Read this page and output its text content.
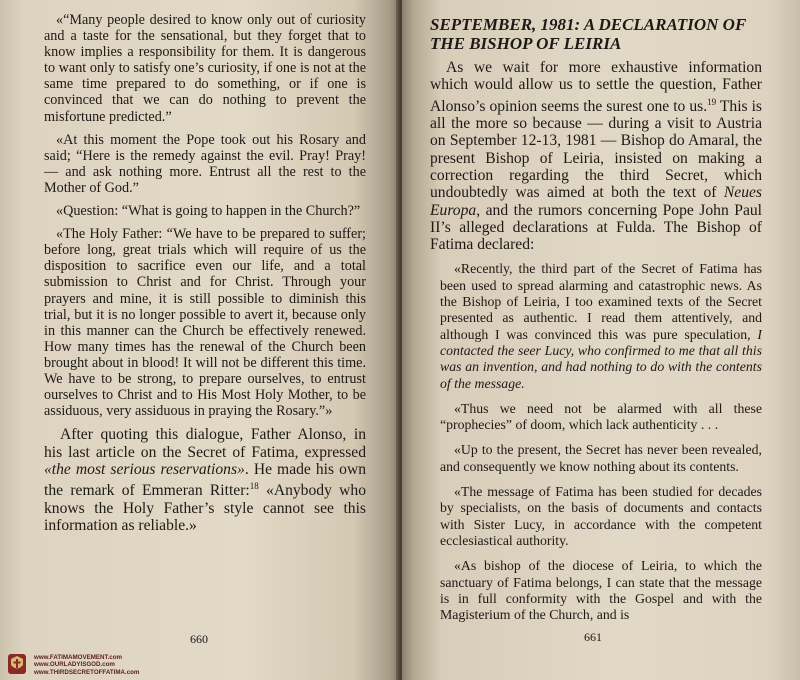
«“Many people desired to know only out of curiosity and a taste for the sensational, but they forget that to know implies a responsibility for them. It is dangerous to want only to satisfy one’s curiosity, if one is not at the same time prepared to do something, or if one is convinced that we can do nothing to prevent the misfortune predicted.”

«At this moment the Pope took out his Rosary and said; “Here is the remedy against the evil. Pray! Pray! — and ask nothing more. Entrust all the rest to the Mother of God.”

«Question: “What is going to happen in the Church?”

«The Holy Father: “We have to be prepared to suffer; before long, great trials which will require of us the disposition to sacrifice even our life, and a total submission to Christ and for Christ. Through your prayers and mine, it is still possible to diminish this trial, but it is no longer possible to avert it, because only in this manner can the Church be effectively renewed. How many times has the renewal of the Church been brought about in blood! It will not be different this time. We have to be strong, to prepare ourselves, to entrust ourselves to Christ and to His Most Holy Mother, to be assiduous, very assiduous in praying the Rosary.”»

After quoting this dialogue, Father Alonso, in his last article on the Secret of Fatima, expressed «the most serious reservations». He made his own the remark of Emmeran Ritter:$^{18}$ «Anybody who knows the Holy Father’s style cannot see this information as reliable.»

660
www.FATIMAMOVEMENT.com
www.OURLADYISGOD.com
www.THIRDSECRETOFFATIMA.com
SEPTEMBER, 1981: A DECLARATION OF
THE BISHOP OF LEIRIA

As we wait for more exhaustive information which would allow us to settle the question, Father Alonso’s opinion seems the surest one to us.$^{19}$ This is all the more so because — during a visit to Austria on September 12-13, 1981 — Bishop do Amaral, the present Bishop of Leiria, insisted on making a correction regarding the third Secret, which undoubtedly was aimed at both the text of Neues Europa, and the rumors concerning Pope John Paul II’s alleged declarations at Fulda. The Bishop of Fatima declared:

«Recently, the third part of the Secret of Fatima has been used to spread alarming and catastrophic news. As the Bishop of Leiria, I too examined texts of the Secret presented as authentic. I read them attentively, and although I was convinced this was pure speculation, I contacted the seer Lucy, who confirmed to me that all this was an invention, and had nothing to do with the contents of the message.

«Thus we need not be alarmed with all these “prophecies” of doom, which lack authenticity . . .

«Up to the present, the Secret has never been revealed, and consequently we know nothing about its contents.

«The message of Fatima has been studied for decades by specialists, on the basis of documents and contacts with Sister Lucy, in accordance with the competent ecclesiastical authority.

«As bishop of the diocese of Leiria, to which the sanctuary of Fatima belongs, I can state that the message is in full conformity with the Gospel and with the Magisterium of the Church, and is

661
